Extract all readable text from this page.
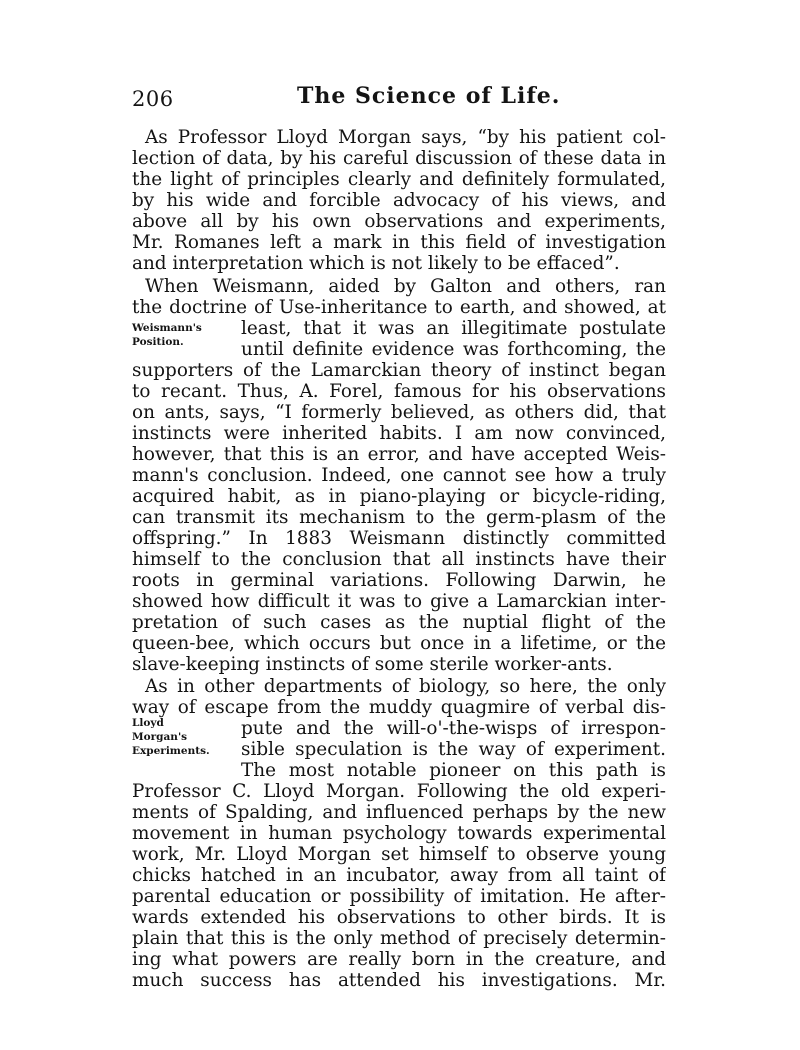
206	The Science of Life.
Weismann's
Position.
Lloyd
Morgan's
Experiments.
As Professor Lloyd Morgan says, “by his patient col-
lection of data, by his careful discussion of these data in
the light of principles clearly and definitely formulated,
by his wide and forcible advocacy of his views, and
above all by his own observations and experiments,
Mr. Romanes left a mark in this field of investigation
and interpretation which is not likely to be effaced”.
When Weismann, aided by Galton and others, ran
the doctrine of Use-inheritance to earth, and showed, at
least, that it was an illegitimate postulate
until definite evidence was forthcoming, the
supporters of the Lamarckian theory of instinct began
to recant. Thus, A. Forel, famous for his observations
on ants, says, “I formerly believed, as others did, that
instincts were inherited habits. I am now convinced,
however, that this is an error, and have accepted Weis-
mann's conclusion. Indeed, one cannot see how a truly
acquired habit, as in piano-playing or bicycle-riding,
can transmit its mechanism to the germ-plasm of the
offspring.” In 1883 Weismann distinctly committed
himself to the conclusion that all instincts have their
roots in germinal variations. Following Darwin, he
showed how difficult it was to give a Lamarckian inter-
pretation of such cases as the nuptial flight of the
queen-bee, which occurs but once in a lifetime, or the
slave-keeping instincts of some sterile worker-ants.
As in other departments of biology, so here, the only
way of escape from the muddy quagmire of verbal dis-
pute and the will-o'-the-wisps of irrespon-
sible speculation is the way of experiment.
The most notable pioneer on this path is
Professor C. Lloyd Morgan. Following the old experi-
ments of Spalding, and influenced perhaps by the new
movement in human psychology towards experimental
work, Mr. Lloyd Morgan set himself to observe young
chicks hatched in an incubator, away from all taint of
parental education or possibility of imitation. He after-
wards extended his observations to other birds. It is
plain that this is the only method of precisely determin-
ing what powers are really born in the creature, and
much success has attended his investigations. Mr.
